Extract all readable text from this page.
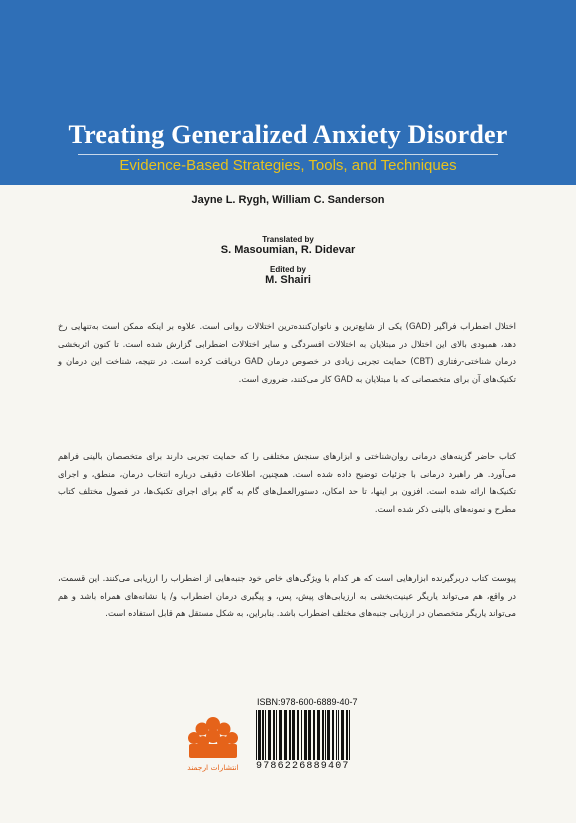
Treating Generalized Anxiety Disorder
Evidence-Based Strategies, Tools, and Techniques
Jayne L. Rygh, William C. Sanderson
Translated by
S. Masoumian, R. Didevar
Edited by
M. Shairi
اختلال اضطراب فراگیر (GAD) یکی از شایع‌ترین و ناتوان‌کننده‌ترین اختلالات روانی است. علاوه بر اینکه ممکن است به‌تنهایی رخ دهد، همبودی بالای این اختلال در مبتلایان به اختلالات افسردگی و سایر اختلالات اضطرابی گزارش شده است. تا کنون اثربخشی درمان شناختی-رفتاری (CBT) حمایت تجربی زیادی در خصوص درمان GAD دریافت کرده است. در نتیجه، شناخت این درمان و تکنیک‌های آن برای متخصصانی که با مبتلایان به GAD کار می‌کنند، ضروری است.
کتاب حاضر گزینه‌های درمانی روان‌شناختی و ابزارهای سنجش مختلفی را که حمایت تجربی دارند برای متخصصان بالینی فراهم می‌آورد. هر راهبرد درمانی با جزئیات توضیح داده شده است. همچنین، اطلاعات دقیقی درباره انتخاب درمان، منطق، و اجرای تکنیک‌ها ارائه شده است. افزون بر اینها، تا حد امکان، دستورالعمل‌های گام به گام برای اجرای تکنیک‌ها، در فصول مختلف کتاب مطرح و نمونه‌های بالینی ذکر شده است.
پیوست کتاب دربرگیرنده ابزارهایی است که هر کدام با ویژگی‌های خاص خود جنبه‌هایی از اضطراب را ارزیابی می‌کنند. این قسمت، در واقع، هم می‌تواند یاریگر عینیت‌بخشی به ارزیابی‌های پیش، پس، و پیگیری درمان اضطراب و/ یا نشانه‌های همراه باشد و هم می‌تواند یاریگر متخصصان در ارزیابی جنبه‌های مختلف اضطراب باشد. بنابراین، به شکل مستقل هم قابل استفاده است.
انتشارات ارجمند
ISBN:978-600-6889-40-7
9786226889407
